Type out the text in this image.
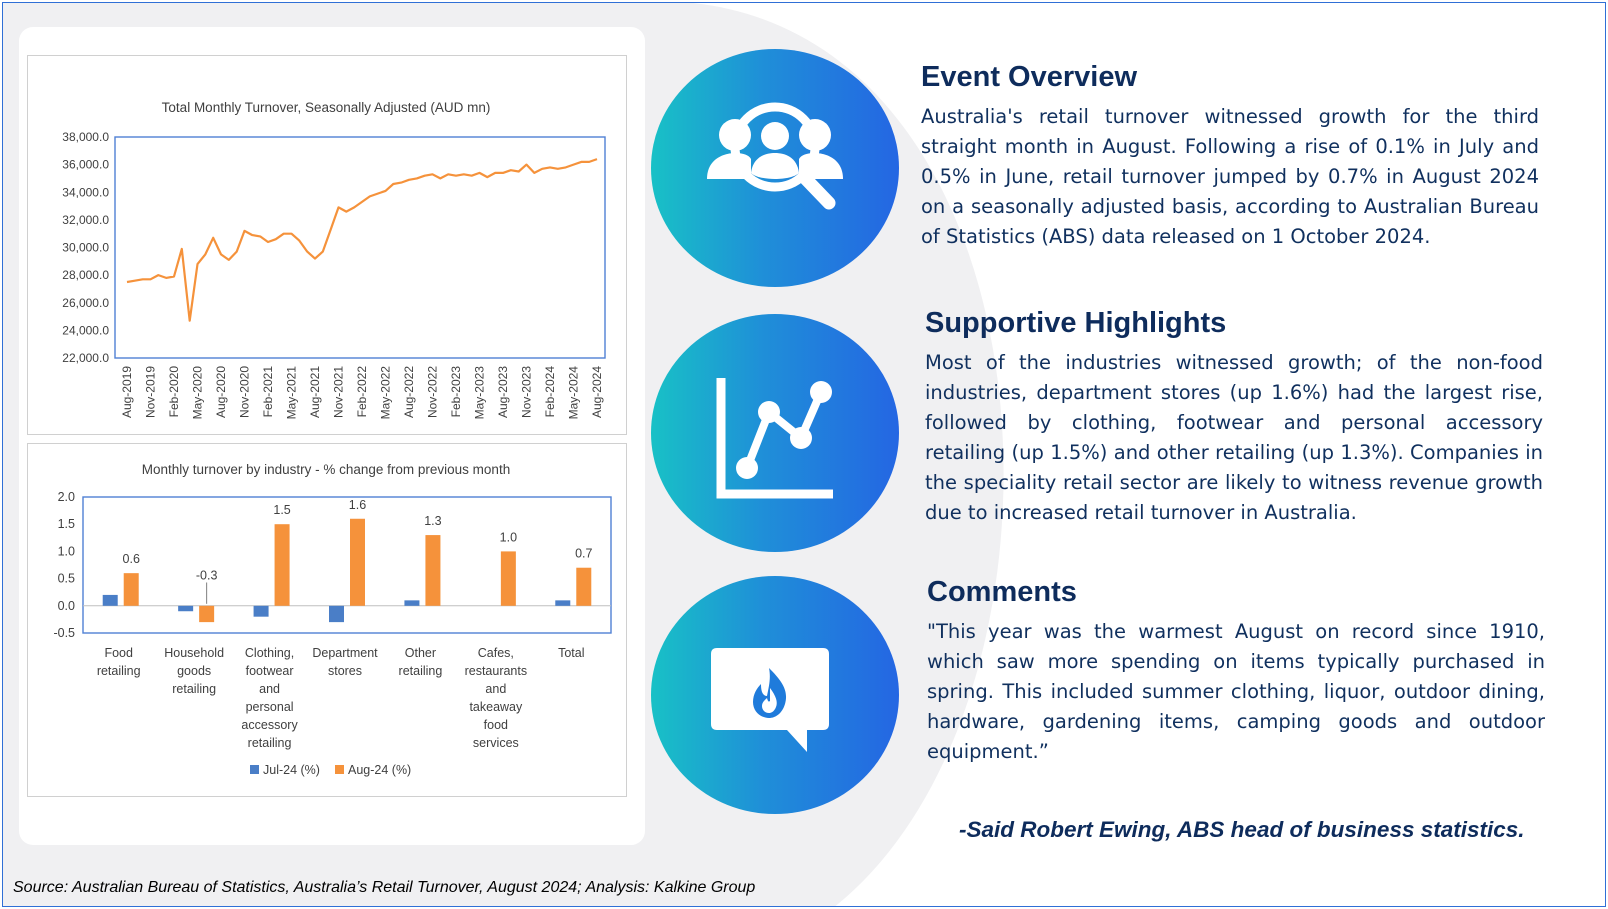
Total Monthly Turnover, Seasonally Adjusted (AUD mn)
38,000.0
36,000.0
34,000.0
32,000.0
30,000.0
28,000.0
26,000.0
24,000.0
22,000.0
Aug-2019 Nov-2019 Feb-2020 May-2020 Aug-2020 Nov-2020 Feb-2021 May-2021 Aug-2021 Nov-2021 Feb-2022 May-2022 Aug-2022 Nov-2022 Feb-2023 May-2023 Aug-2023 Nov-2023 Feb-2024 May-2024 Aug-2024
Monthly turnover by industry - % change from previous month
2.0
1.5
1.0
0.5
0.0
-0.5
0.6
-0.3
1.5	1.6
1.3
1.0
0.7
Food
retailing
Household
goods
retailing
Clothing,
footwear
and
personal
accessory
retailing
Department
stores
Other
retailing
Cafes,
restaurants
and
takeaway
food
services
Total
Jul-24 (%) Aug-24 (%)
Event Overview

Australia's retail turnover witnessed growth for the third straight month in August. Following a rise of 0.1% in July and 0.5% in June, retail turnover jumped by 0.7% in August 2024 on a seasonally adjusted basis, according to Australian Bureau of Statistics (ABS) data released on 1 October 2024.

Supportive Highlights

Most of the industries witnessed growth; of the non-food industries, department stores (up 1.6%) had the largest rise, followed by clothing, footwear and personal accessory retailing (up 1.5%) and other retailing (up 1.3%). Companies in the speciality retail sector are likely to witness revenue growth due to increased retail turnover in Australia.

Comments

"This year was the warmest August on record since 1910, which saw more spending on items typically purchased in spring. This included summer clothing, liquor, outdoor dining, hardware, gardening items, camping goods and outdoor equipment.”

-Said Robert Ewing, ABS head of business statistics.
Source: Australian Bureau of Statistics, Australia’s Retail Turnover, August 2024; Analysis: Kalkine Group
